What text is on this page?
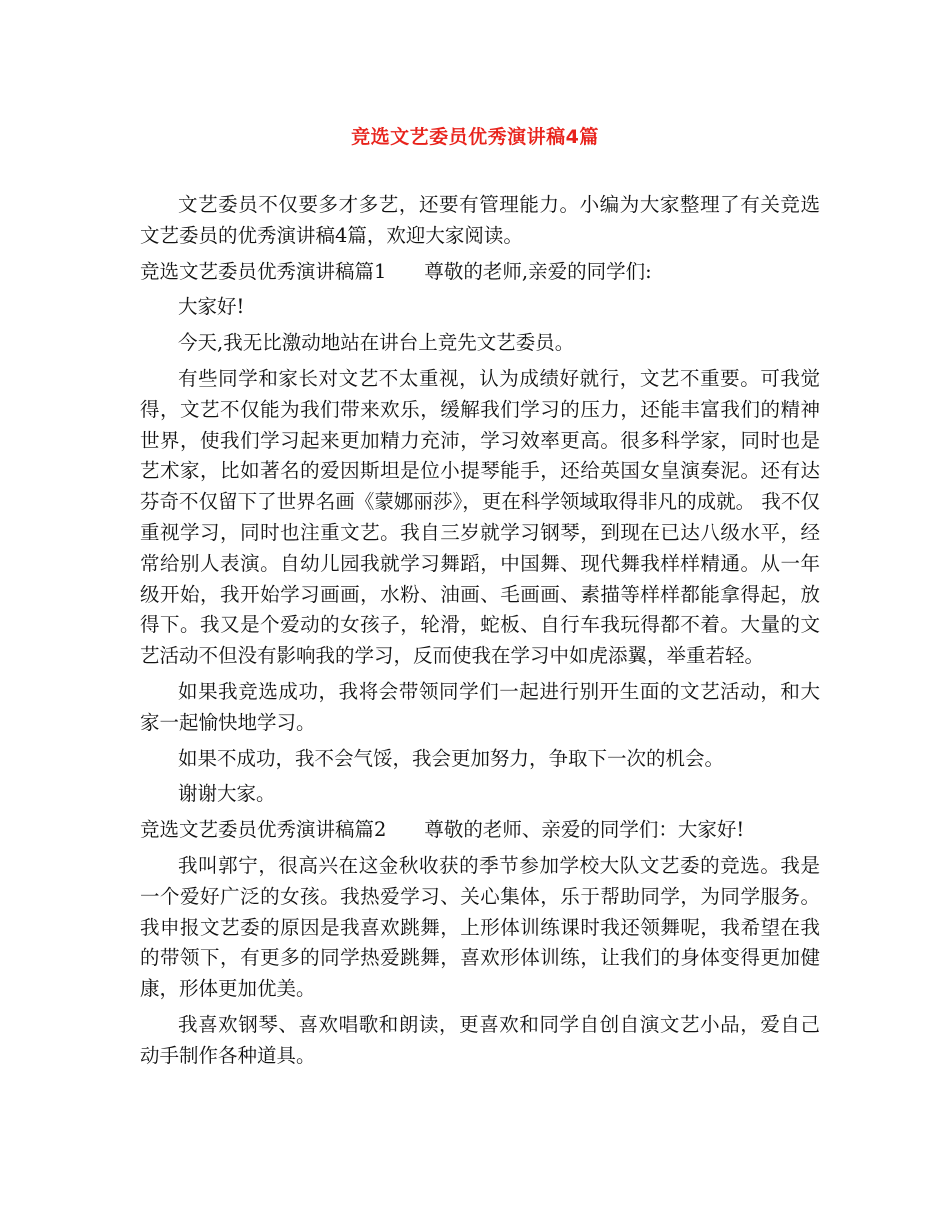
竞选文艺委员优秀演讲稿4篇

文艺委员不仅要多才多艺，还要有管理能力。小编为大家整理了有关竞选文艺委员的优秀演讲稿4篇，欢迎大家阅读。

竞选文艺委员优秀演讲稿篇1 尊敬的老师,亲爱的同学们:

大家好!

今天,我无比激动地站在讲台上竞先文艺委员。

有些同学和家长对文艺不太重视，认为成绩好就行，文艺不重要。可我觉得，文艺不仅能为我们带来欢乐，缓解我们学习的压力，还能丰富我们的精神世界，使我们学习起来更加精力充沛，学习效率更高。很多科学家，同时也是艺术家，比如著名的爱因斯坦是位小提琴能手，还给英国女皇演奏泥。还有达芬奇不仅留下了世界名画《蒙娜丽莎》，更在科学领域取得非凡的成就。 我不仅重视学习，同时也注重文艺。我自三岁就学习钢琴，到现在已达八级水平，经常给别人表演。自幼儿园我就学习舞蹈，中国舞、现代舞我样样精通。从一年级开始，我开始学习画画，水粉、油画、毛画画、素描等样样都能拿得起，放得下。我又是个爱动的女孩子，轮滑，蛇板、自行车我玩得都不着。大量的文艺活动不但没有影响我的学习，反而使我在学习中如虎添翼，举重若轻。

如果我竞选成功，我将会带领同学们一起进行别开生面的文艺活动，和大家一起愉快地学习。

如果不成功，我不会气馁，我会更加努力，争取下一次的机会。

谢谢大家。

竞选文艺委员优秀演讲稿篇2 尊敬的老师、亲爱的同学们：大家好!

我叫郭宁，很高兴在这金秋收获的季节参加学校大队文艺委的竞选。我是一个爱好广泛的女孩。我热爱学习、关心集体，乐于帮助同学，为同学服务。我申报文艺委的原因是我喜欢跳舞，上形体训练课时我还领舞呢，我希望在我的带领下，有更多的同学热爱跳舞，喜欢形体训练，让我们的身体变得更加健康，形体更加优美。

我喜欢钢琴、喜欢唱歌和朗读，更喜欢和同学自创自演文艺小品，爱自己动手制作各种道具。
